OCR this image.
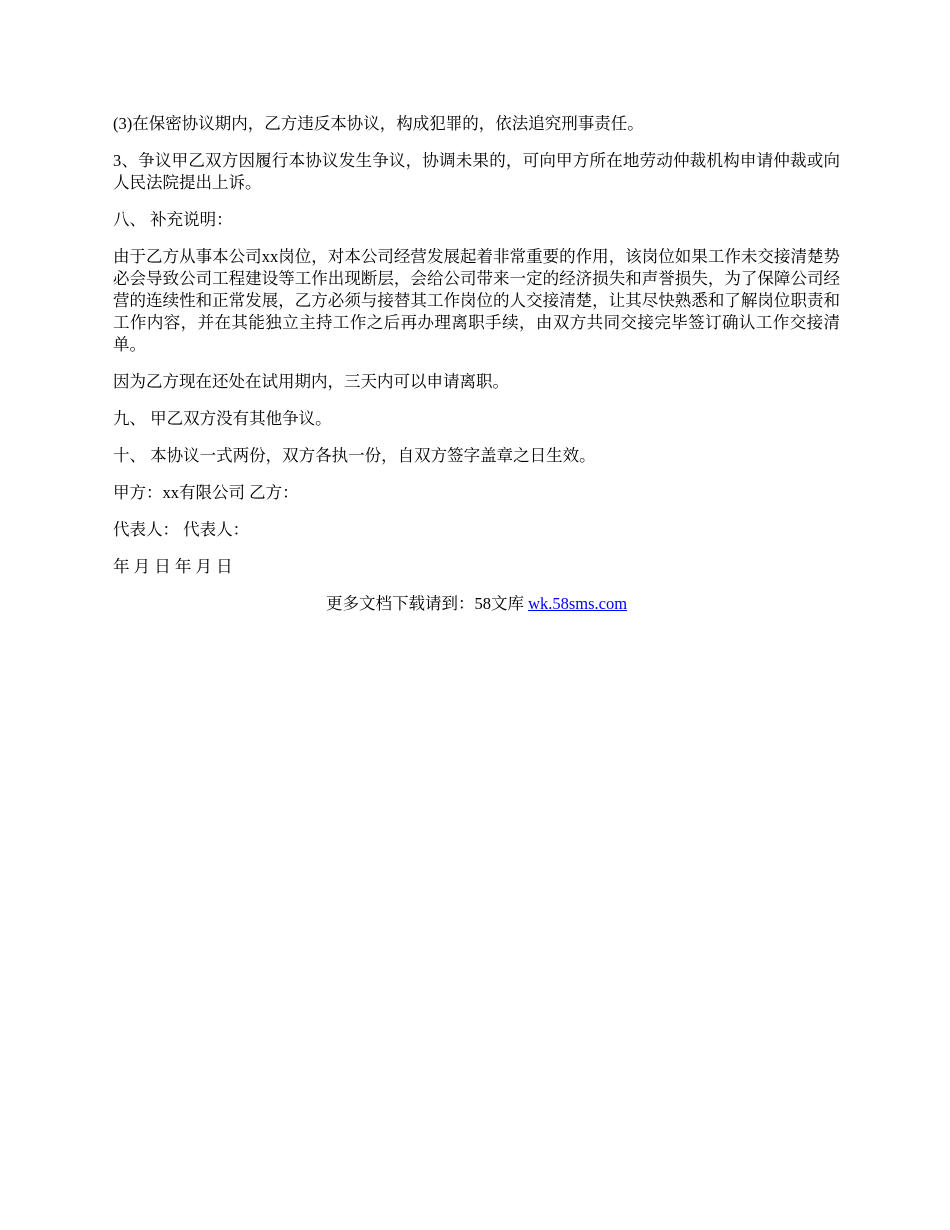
(3)在保密协议期内，乙方违反本协议，构成犯罪的，依法追究刑事责任。

3、争议甲乙双方因履行本协议发生争议，协调未果的，可向甲方所在地劳动仲裁机构申请仲裁或向人民法院提出上诉。

八、 补充说明：

由于乙方从事本公司xx岗位，对本公司经营发展起着非常重要的作用，该岗位如果工作未交接清楚势必会导致公司工程建设等工作出现断层，会给公司带来一定的经济损失和声誉损失，为了保障公司经营的连续性和正常发展，乙方必须与接替其工作岗位的人交接清楚，让其尽快熟悉和了解岗位职责和工作内容，并在其能独立主持工作之后再办理离职手续，由双方共同交接完毕签订确认工作交接清单。

因为乙方现在还处在试用期内，三天内可以申请离职。

九、 甲乙双方没有其他争议。

十、 本协议一式两份，双方各执一份，自双方签字盖章之日生效。

甲方：xx有限公司 乙方：

代表人： 代表人：

年 月 日 年 月 日

更多文档下载请到：58文库 wk.58sms.com
